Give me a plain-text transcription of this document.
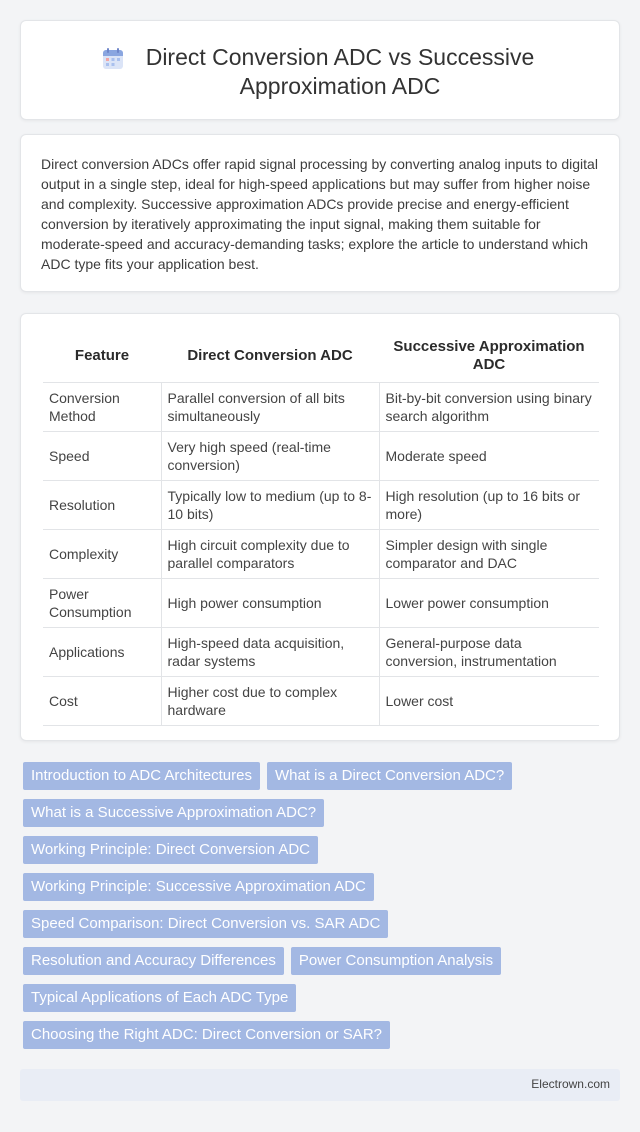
Direct Conversion ADC vs Successive Approximation ADC

Direct conversion ADCs offer rapid signal processing by converting analog inputs to digital output in a single step, ideal for high-speed applications but may suffer from higher noise and complexity. Successive approximation ADCs provide precise and energy-efficient conversion by iteratively approximating the input signal, making them suitable for moderate-speed and accuracy-demanding tasks; explore the article to understand which ADC type fits your application best.

Feature	Direct Conversion ADC	Successive Approximation ADC
Conversion Method	Parallel conversion of all bits simultaneously	Bit-by-bit conversion using binary search algorithm
Speed	Very high speed (real-time conversion)	Moderate speed
Resolution	Typically low to medium (up to 8-10 bits)	High resolution (up to 16 bits or more)
Complexity	High circuit complexity due to parallel comparators	Simpler design with single comparator and DAC
Power Consumption	High power consumption	Lower power consumption
Applications	High-speed data acquisition, radar systems	General-purpose data conversion, instrumentation
Cost	Higher cost due to complex hardware	Lower cost
Introduction to ADC Architectures What is a Direct Conversion ADC?
What is a Successive Approximation ADC?
Working Principle: Direct Conversion ADC
Working Principle: Successive Approximation ADC
Speed Comparison: Direct Conversion vs. SAR ADC
Resolution and Accuracy Differences Power Consumption Analysis
Typical Applications of Each ADC Type
Choosing the Right ADC: Direct Conversion or SAR?
Electrown.com
